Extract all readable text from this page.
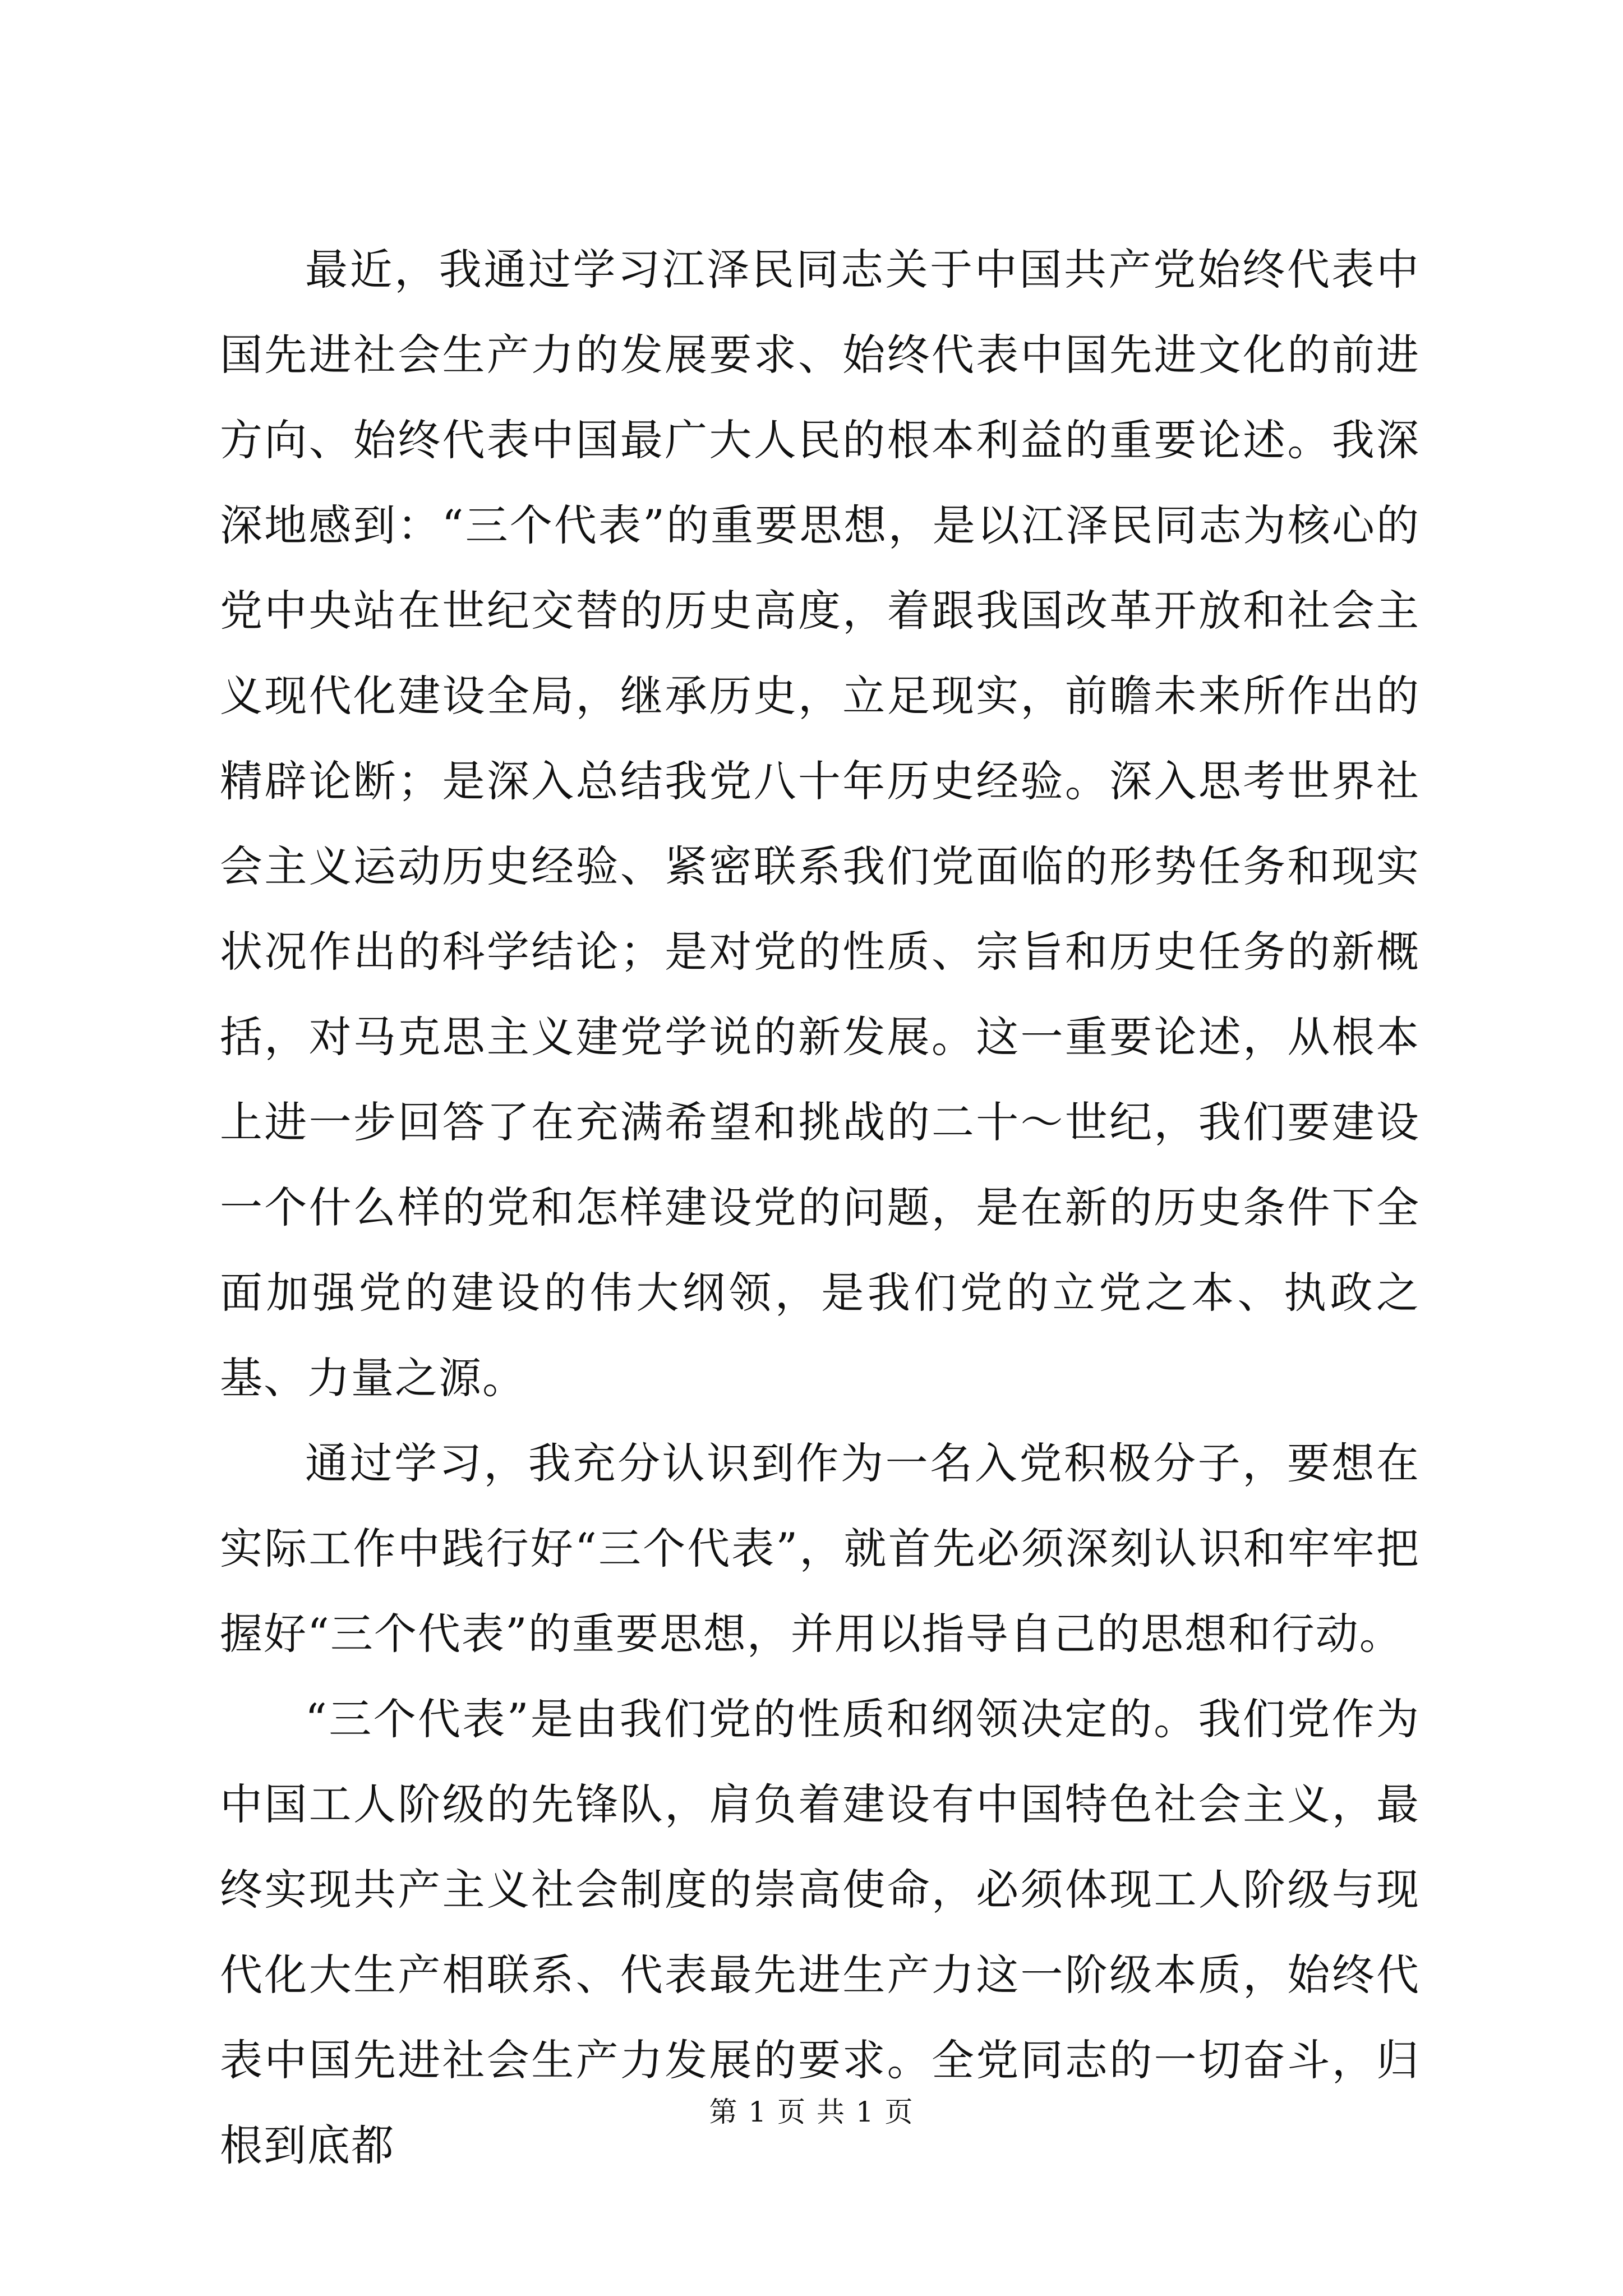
最近，我通过学习江泽民同志关于中国共产党始终代表中国先进社会生产力的发展要求、始终代表中国先进文化的前进方向、始终代表中国最广大人民的根本利益的重要论述。我深深地感到：“三个代表”的重要思想，是以江泽民同志为核心的党中央站在世纪交替的历史高度，着跟我国改革开放和社会主义现代化建设全局，继承历史，立足现实，前瞻未来所作出的精辟论断；是深入总结我党八十年历史经验。深入思考世界社会主义运动历史经验、紧密联系我们党面临的形势任务和现实状况作出的科学结论；是对党的性质、宗旨和历史任务的新概括，对马克思主义建党学说的新发展。这一重要论述，从根本上进一步回答了在充满希望和挑战的二十～世纪，我们要建设一个什么样的党和怎样建设党的问题，是在新的历史条件下全面加强党的建设的伟大纲领，是我们党的立党之本、执政之基、力量之源。

通过学习，我充分认识到作为一名入党积极分子，要想在实际工作中践行好“三个代表”，就首先必须深刻认识和牢牢把握好“三个代表”的重要思想，并用以指导自己的思想和行动。

“三个代表”是由我们党的性质和纲领决定的。我们党作为中国工人阶级的先锋队，肩负着建设有中国特色社会主义，最终实现共产主义社会制度的崇高使命，必须体现工人阶级与现代化大生产相联系、代表最先进生产力这一阶级本质，始终代表中国先进社会生产力发展的要求。全党同志的一切奋斗，归根到底都

第 1 页 共 1 页
